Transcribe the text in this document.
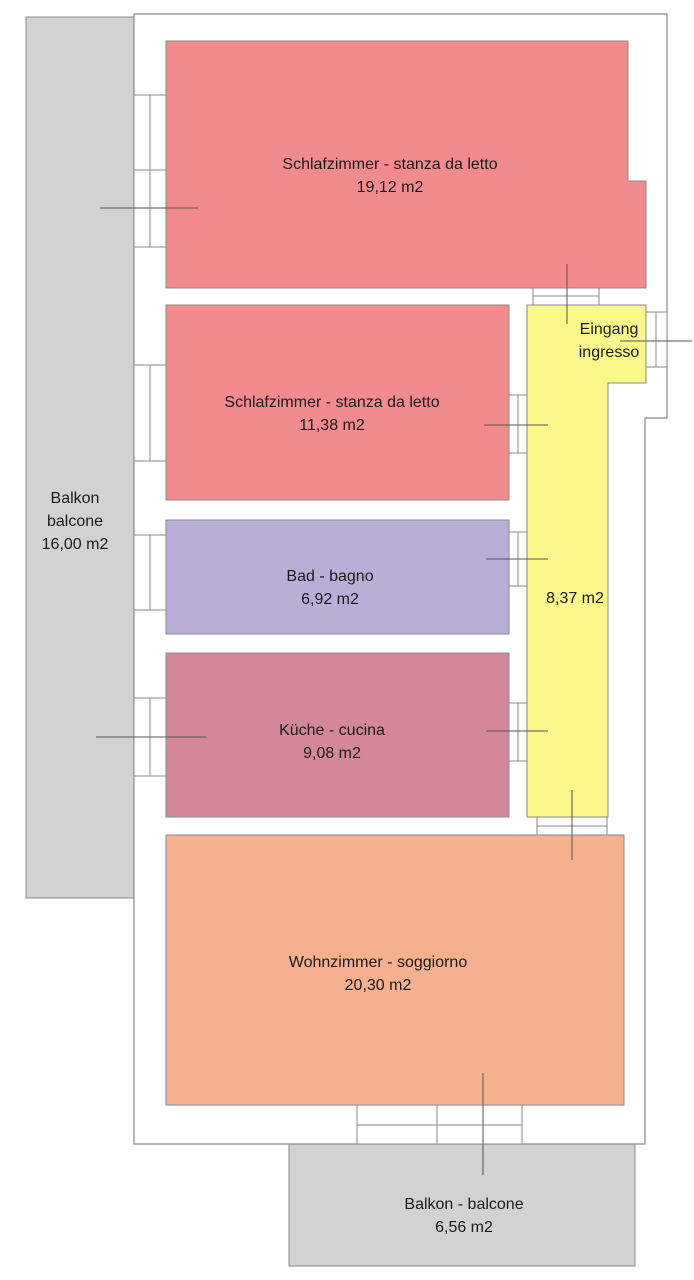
Schlafzimmer - stanza da letto
19,12 m2
Schlafzimmer - stanza da letto
11,38 m2
Bad - bagno
6,92 m2
Küche - cucina
9,08 m2
Wohnzimmer - soggiorno
20,30 m2
Eingang
ingresso
8,37 m2
Balkon
balcone
16,00 m2
Balkon - balcone
6,56 m2
